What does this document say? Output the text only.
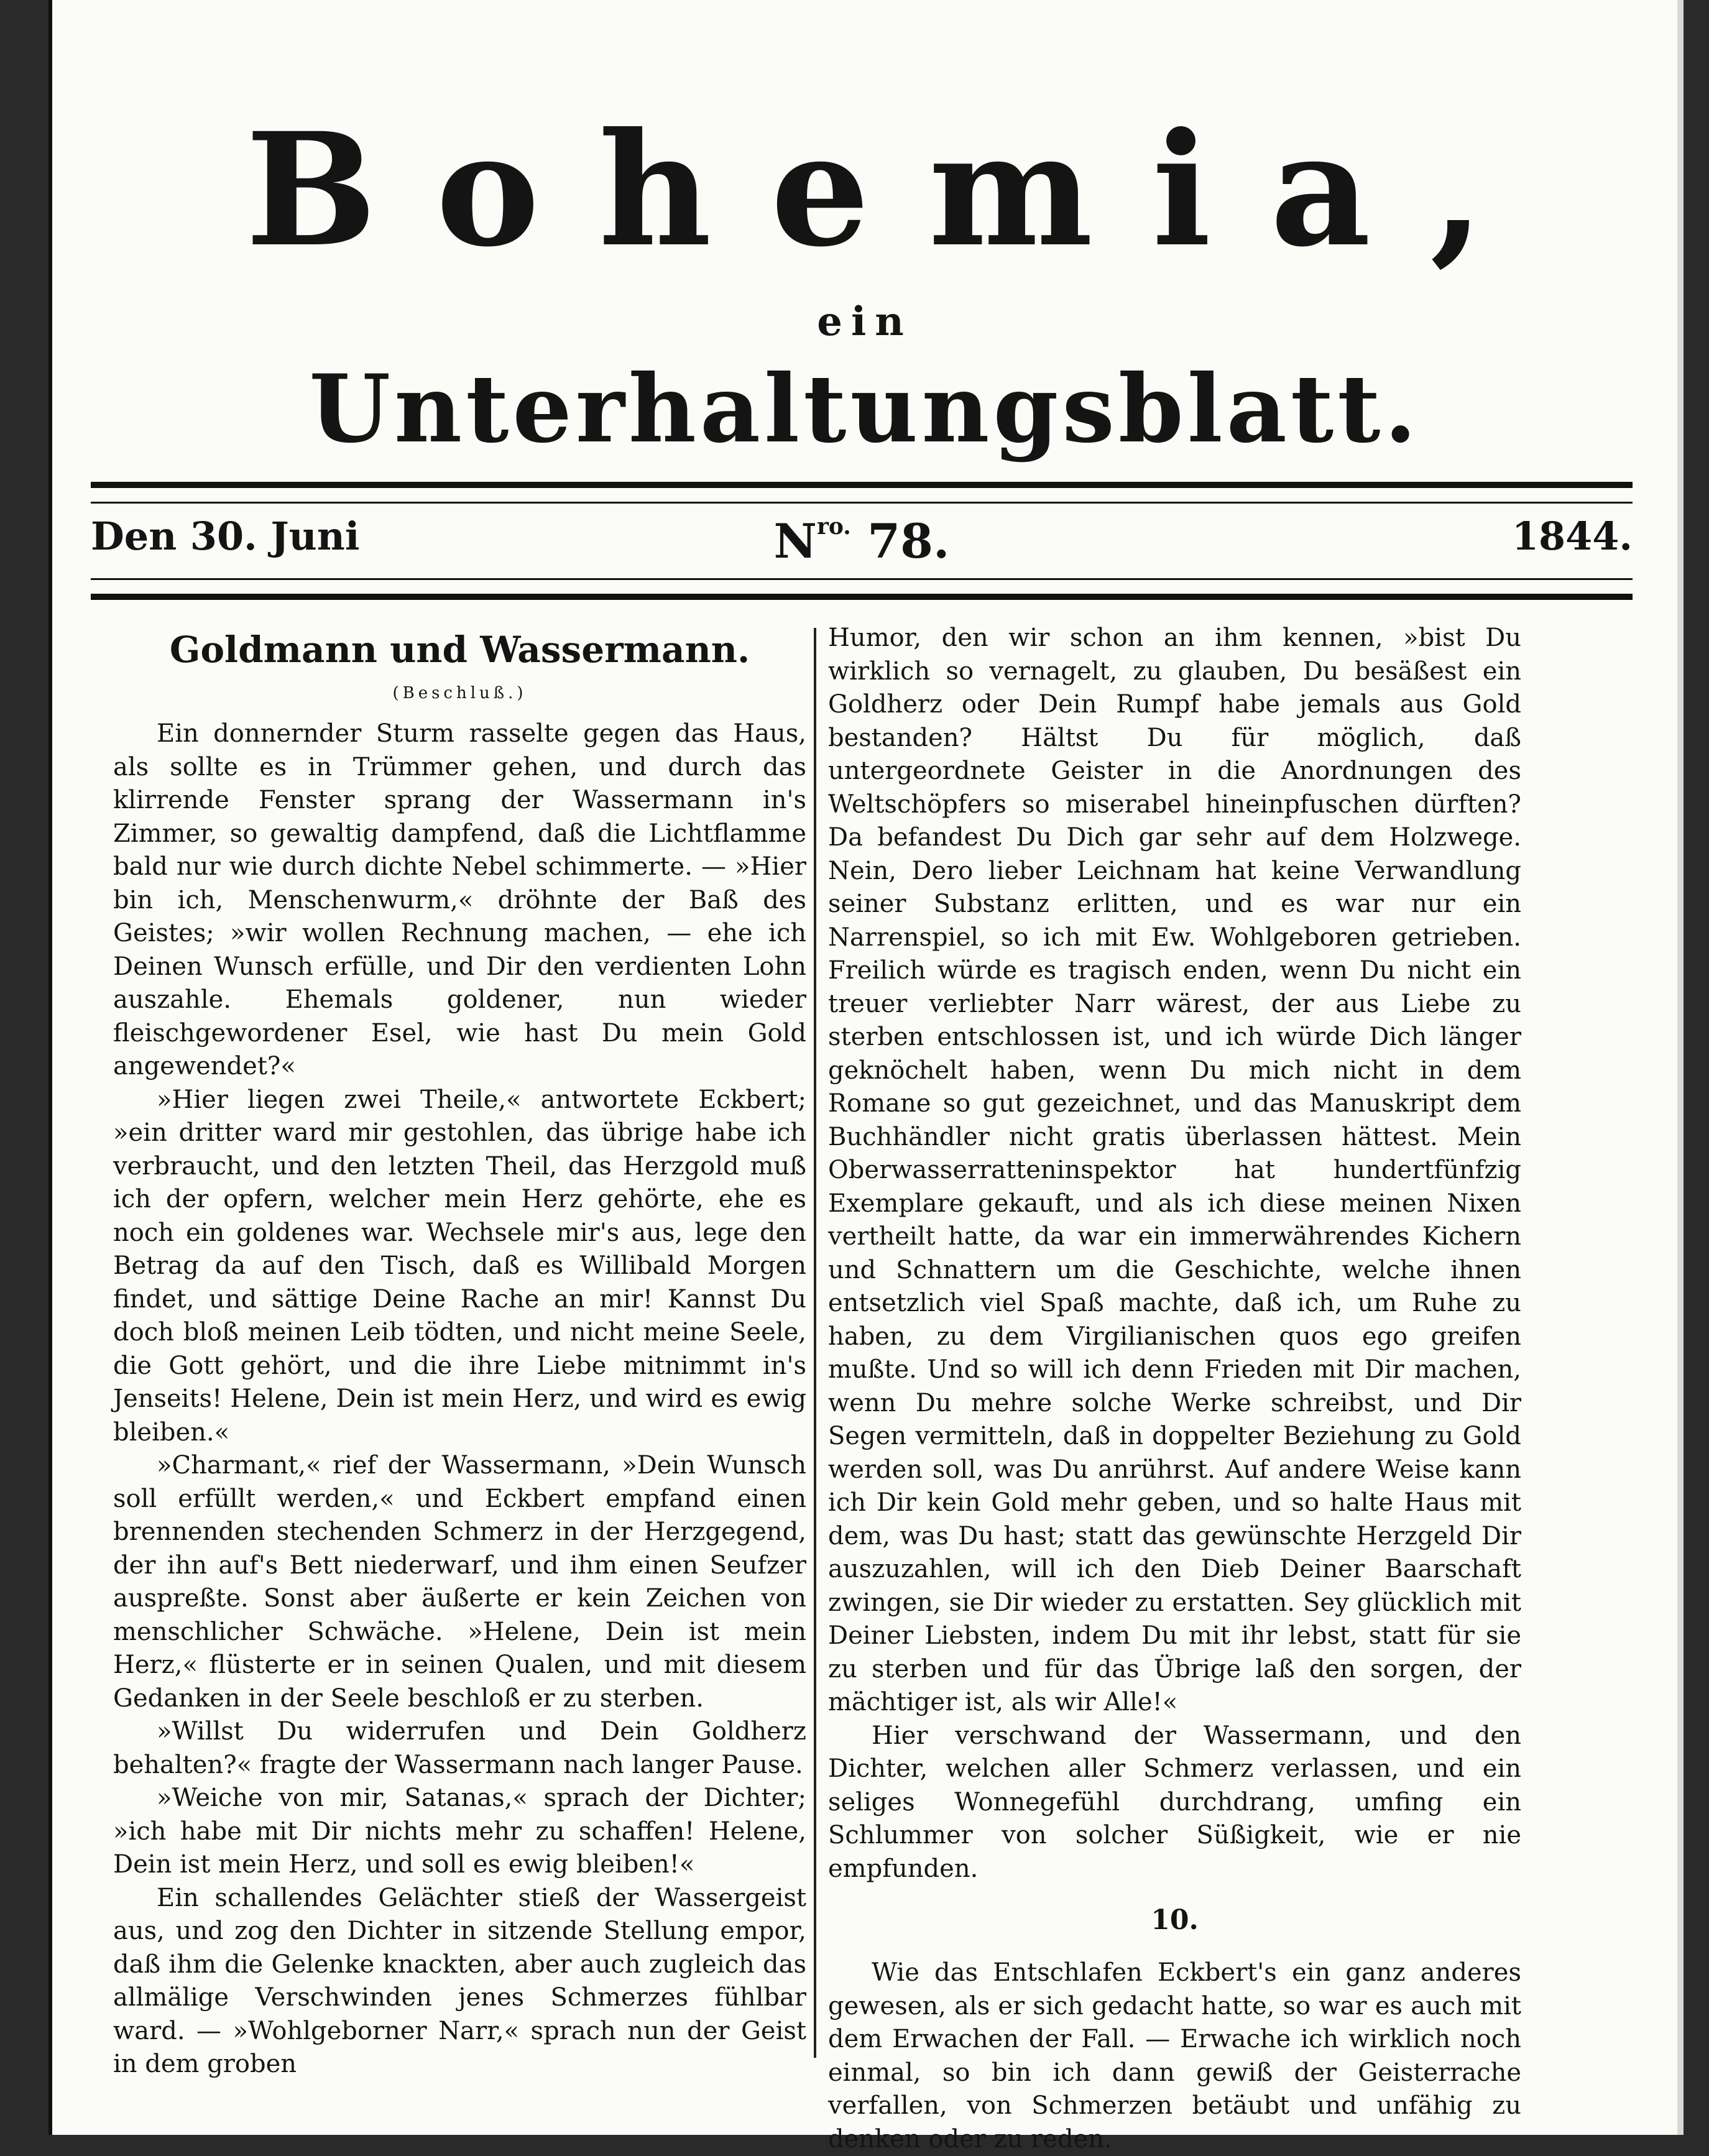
Bohemia,
ein
Unterhaltungsblatt.
Den 30. Juni	$N^{ro.}$ 78.	1844.
Goldmann und Wassermann.
(Beschluß.)

Ein donnernder Sturm rasselte gegen das Haus, als sollte es in Trümmer gehen, und durch das klirrende Fenster sprang der Wassermann in's Zimmer, so gewaltig dampfend, daß die Lichtflamme bald nur wie durch dichte Nebel schimmerte. — »Hier bin ich, Menschenwurm,« dröhnte der Baß des Geistes; »wir wollen Rechnung machen, — ehe ich Deinen Wunsch erfülle, und Dir den verdienten Lohn auszahle. Ehemals goldener, nun wieder fleischgewordener Esel, wie hast Du mein Gold angewendet?«

»Hier liegen zwei Theile,« antwortete Eckbert; »ein dritter ward mir gestohlen, das übrige habe ich verbraucht, und den letzten Theil, das Herzgold muß ich der opfern, welcher mein Herz gehörte, ehe es noch ein goldenes war. Wechsele mir's aus, lege den Betrag da auf den Tisch, daß es Willibald Morgen findet, und sättige Deine Rache an mir! Kannst Du doch bloß meinen Leib tödten, und nicht meine Seele, die Gott gehört, und die ihre Liebe mitnimmt in's Jenseits! Helene, Dein ist mein Herz, und wird es ewig bleiben.«

»Charmant,« rief der Wassermann, »Dein Wunsch soll erfüllt werden,« und Eckbert empfand einen brennenden stechenden Schmerz in der Herzgegend, der ihn auf's Bett niederwarf, und ihm einen Seufzer auspreßte. Sonst aber äußerte er kein Zeichen von menschlicher Schwäche. »Helene, Dein ist mein Herz,« flüsterte er in seinen Qualen, und mit diesem Gedanken in der Seele beschloß er zu sterben.

»Willst Du widerrufen und Dein Goldherz behalten?« fragte der Wassermann nach langer Pause.

»Weiche von mir, Satanas,« sprach der Dichter; »ich habe mit Dir nichts mehr zu schaffen! Helene, Dein ist mein Herz, und soll es ewig bleiben!«

Ein schallendes Gelächter stieß der Wassergeist aus, und zog den Dichter in sitzende Stellung empor, daß ihm die Gelenke knackten, aber auch zugleich das allmälige Verschwinden jenes Schmerzes fühlbar ward. — »Wohlgeborner Narr,« sprach nun der Geist in dem groben

Humor, den wir schon an ihm kennen, »bist Du wirklich so vernagelt, zu glauben, Du besäßest ein Goldherz oder Dein Rumpf habe jemals aus Gold bestanden? Hältst Du für möglich, daß untergeordnete Geister in die Anordnungen des Weltschöpfers so miserabel hineinpfuschen dürften? Da befandest Du Dich gar sehr auf dem Holzwege. Nein, Dero lieber Leichnam hat keine Verwandlung seiner Substanz erlitten, und es war nur ein Narrenspiel, so ich mit Ew. Wohlgeboren getrieben. Freilich würde es tragisch enden, wenn Du nicht ein treuer verliebter Narr wärest, der aus Liebe zu sterben entschlossen ist, und ich würde Dich länger geknöchelt haben, wenn Du mich nicht in dem Romane so gut gezeichnet, und das Manuskript dem Buchhändler nicht gratis überlassen hättest. Mein Oberwasserratteninspektor hat hundertfünfzig Exemplare gekauft, und als ich diese meinen Nixen vertheilt hatte, da war ein immerwährendes Kichern und Schnattern um die Geschichte, welche ihnen entsetzlich viel Spaß machte, daß ich, um Ruhe zu haben, zu dem Virgilianischen quos ego greifen mußte. Und so will ich denn Frieden mit Dir machen, wenn Du mehre solche Werke schreibst, und Dir Segen vermitteln, daß in doppelter Beziehung zu Gold werden soll, was Du anrührst. Auf andere Weise kann ich Dir kein Gold mehr geben, und so halte Haus mit dem, was Du hast; statt das gewünschte Herzgeld Dir auszuzahlen, will ich den Dieb Deiner Baarschaft zwingen, sie Dir wieder zu erstatten. Sey glücklich mit Deiner Liebsten, indem Du mit ihr lebst, statt für sie zu sterben und für das Übrige laß den sorgen, der mächtiger ist, als wir Alle!«

Hier verschwand der Wassermann, und den Dichter, welchen aller Schmerz verlassen, und ein seliges Wonnegefühl durchdrang, umfing ein Schlummer von solcher Süßigkeit, wie er nie empfunden.

10.

Wie das Entschlafen Eckbert's ein ganz anderes gewesen, als er sich gedacht hatte, so war es auch mit dem Erwachen der Fall. — Erwache ich wirklich noch einmal, so bin ich dann gewiß der Geisterrache verfallen, von Schmerzen betäubt und unfähig zu denken oder zu reden.
